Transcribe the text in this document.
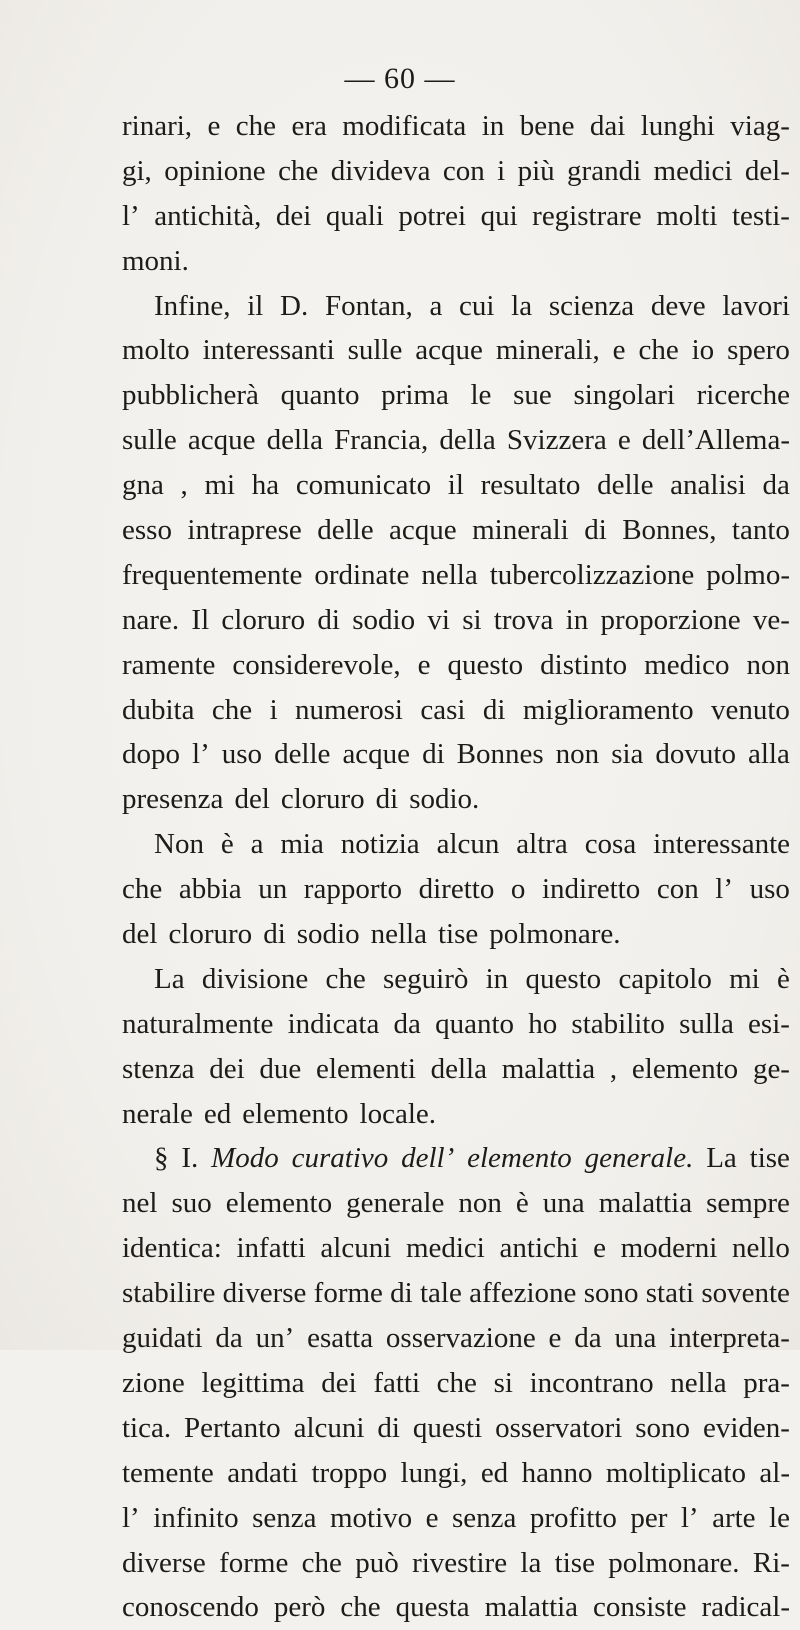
— 60 —
rinari, e che era modificata in bene dai lunghi viag-
gi, opinione che divideva con i più grandi medici del-
l’ antichità, dei quali potrei qui registrare molti testi-
moni.
Infine, il D. Fontan, a cui la scienza deve lavori
molto interessanti sulle acque minerali, e che io spero
pubblicherà quanto prima le sue singolari ricerche
sulle acque della Francia, della Svizzera e dell’Allema-
gna , mi ha comunicato il resultato delle analisi da
esso intraprese delle acque minerali di Bonnes, tanto
frequentemente ordinate nella tubercolizzazione polmo-
nare. Il cloruro di sodio vi si trova in proporzione ve-
ramente considerevole, e questo distinto medico non
dubita che i numerosi casi di miglioramento venuto
dopo l’ uso delle acque di Bonnes non sia dovuto alla
presenza del cloruro di sodio.
Non è a mia notizia alcun altra cosa interessante
che abbia un rapporto diretto o indiretto con l’ uso
del cloruro di sodio nella tise polmonare.
La divisione che seguirò in questo capitolo mi è
naturalmente indicata da quanto ho stabilito sulla esi-
stenza dei due elementi della malattia , elemento ge-
nerale ed elemento locale.
§ I. Modo curativo dell’ elemento generale. La tise
nel suo elemento generale non è una malattia sempre
identica: infatti alcuni medici antichi e moderni nello
stabilire diverse forme di tale affezione sono stati sovente
guidati da un’ esatta osservazione e da una interpreta-
zione legittima dei fatti che si incontrano nella pra-
tica. Pertanto alcuni di questi osservatori sono eviden-
temente andati troppo lungi, ed hanno moltiplicato al-
l’ infinito senza motivo e senza profitto per l’ arte le
diverse forme che può rivestire la tise polmonare. Ri-
conoscendo però che questa malattia consiste radical-
